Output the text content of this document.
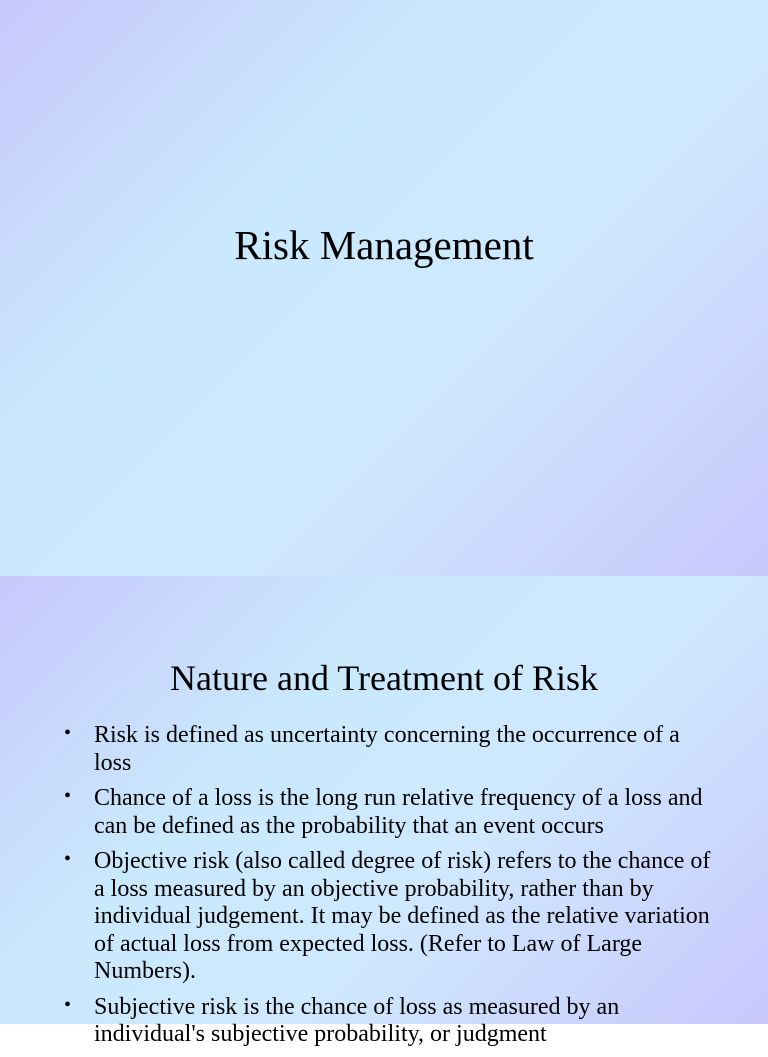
Risk Management
Nature and Treatment of Risk
• Risk is defined as uncertainty concerning the occurrence of a loss
• Chance of a loss is the long run relative frequency of a loss and can be defined as the probability that an event occurs
• Objective risk (also called degree of risk) refers to the chance of a loss measured by an objective probability, rather than by individual judgement. It may be defined as the relative variation of actual loss from expected loss. (Refer to Law of Large Numbers).
• Subjective risk is the chance of loss as measured by an individual's subjective probability, or judgment
